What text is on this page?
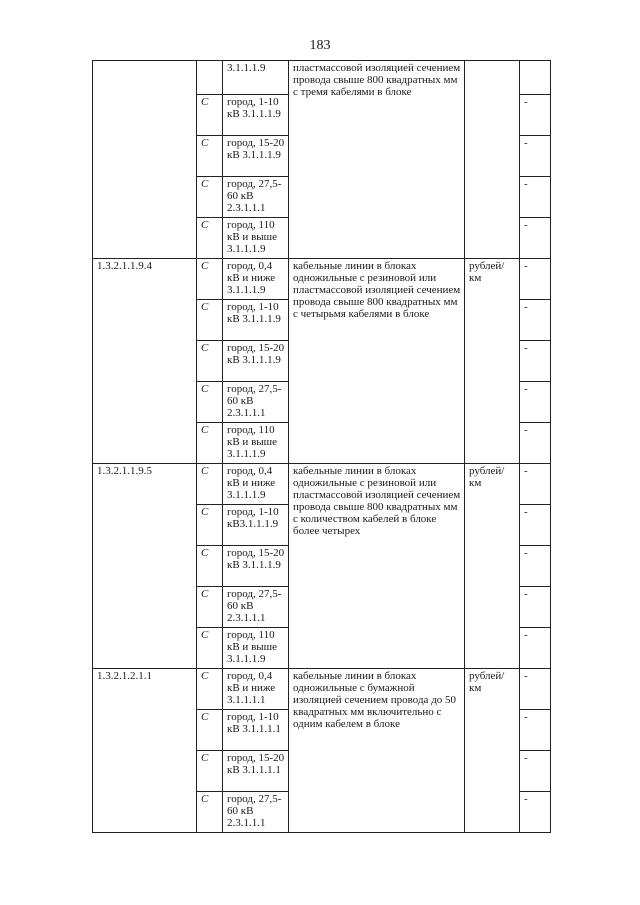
183
		3.1.1.1.9	пластмассовой изоляцией сечением провода свыше 800 квадратных мм с тремя кабелями в блоке		
	С	город, 1-10 кВ 3.1.1.1.9			-
	С	город, 15-20 кВ 3.1.1.1.9			-
	С	город, 27,5-60 кВ 2.3.1.1.1			-
	С	город, 110 кВ и выше 3.1.1.1.9			-
1.3.2.1.1.9.4	С	город, 0,4 кВ и ниже 3.1.1.1.9	кабельные линии в блоках одножильные с резиновой или пластмассовой изоляцией сечением провода свыше 800 квадратных мм с четырьмя кабелями в блоке	рублей/км	-
	С	город, 1-10 кВ 3.1.1.1.9			-
	С	город, 15-20 кВ 3.1.1.1.9			-
	С	город, 27,5-60 кВ 2.3.1.1.1			-
	С	город, 110 кВ и выше 3.1.1.1.9			-
1.3.2.1.1.9.5	С	город, 0,4 кВ и ниже 3.1.1.1.9	кабельные линии в блоках одножильные с резиновой или пластмассовой изоляцией сечением провода свыше 800 квадратных мм с количеством кабелей в блоке более четырех	рублей/км	-
	С	город, 1-10 кВ3.1.1.1.9			-
	С	город, 15-20 кВ 3.1.1.1.9			-
	С	город, 27,5-60 кВ 2.3.1.1.1			-
	С	город, 110 кВ и выше 3.1.1.1.9			-
1.3.2.1.2.1.1	С	город, 0,4 кВ и ниже 3.1.1.1.1	кабельные линии в блоках одножильные с бумажной изоляцией сечением провода до 50 квадратных мм включительно с одним кабелем в блоке	рублей/км	-
	С	город, 1-10 кВ 3.1.1.1.1			-
	С	город, 15-20 кВ 3.1.1.1.1			-
	С	город, 27,5-60 кВ 2.3.1.1.1			-
